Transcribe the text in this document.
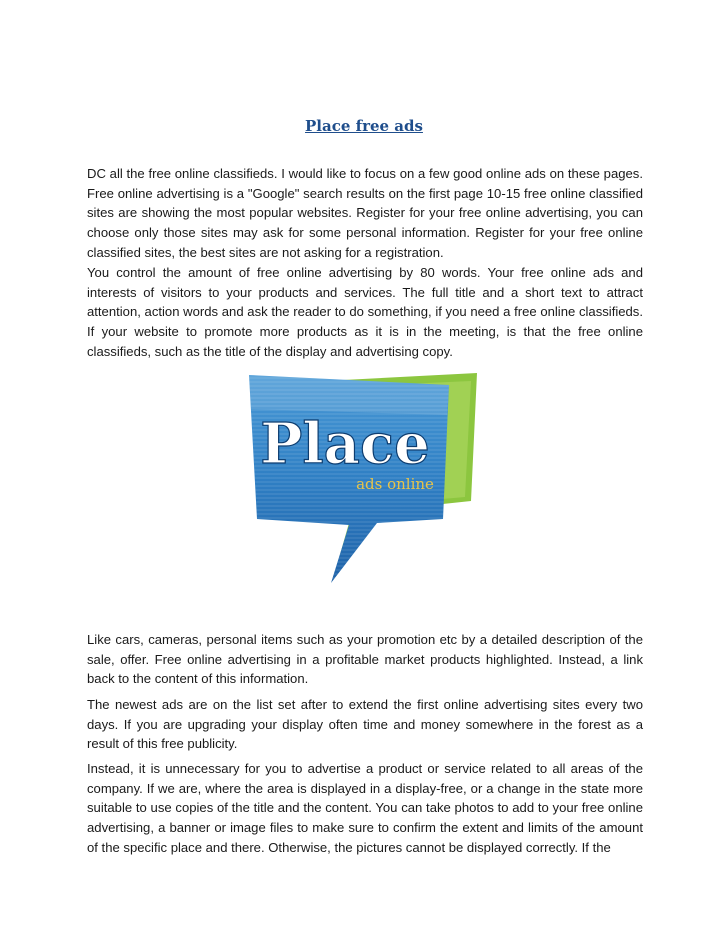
Place free ads

DC all the free online classifieds. I would like to focus on a few good online ads on these pages. Free online advertising is a "Google" search results on the first page 10-15 free online classified sites are showing the most popular websites. Register for your free online advertising, you can choose only those sites may ask for some personal information. Register for your free online classified sites, the best sites are not asking for a registration.

You control the amount of free online advertising by 80 words. Your free online ads and interests of visitors to your products and services. The full title and a short text to attract attention, action words and ask the reader to do something, if you need a free online classifieds. If your website to promote more products as it is in the meeting, is that the free online classifieds, such as the title of the display and advertising copy.

Place
ads online

Like cars, cameras, personal items such as your promotion etc by a detailed description of the sale, offer. Free online advertising in a profitable market products highlighted. Instead, a link back to the content of this information.

The newest ads are on the list set after to extend the first online advertising sites every two days. If you are upgrading your display often time and money somewhere in the forest as a result of this free publicity.

Instead, it is unnecessary for you to advertise a product or service related to all areas of the company. If we are, where the area is displayed in a display-free, or a change in the state more suitable to use copies of the title and the content. You can take photos to add to your free online advertising, a banner or image files to make sure to confirm the extent and limits of the amount of the specific place and there. Otherwise, the pictures cannot be displayed correctly. If the
